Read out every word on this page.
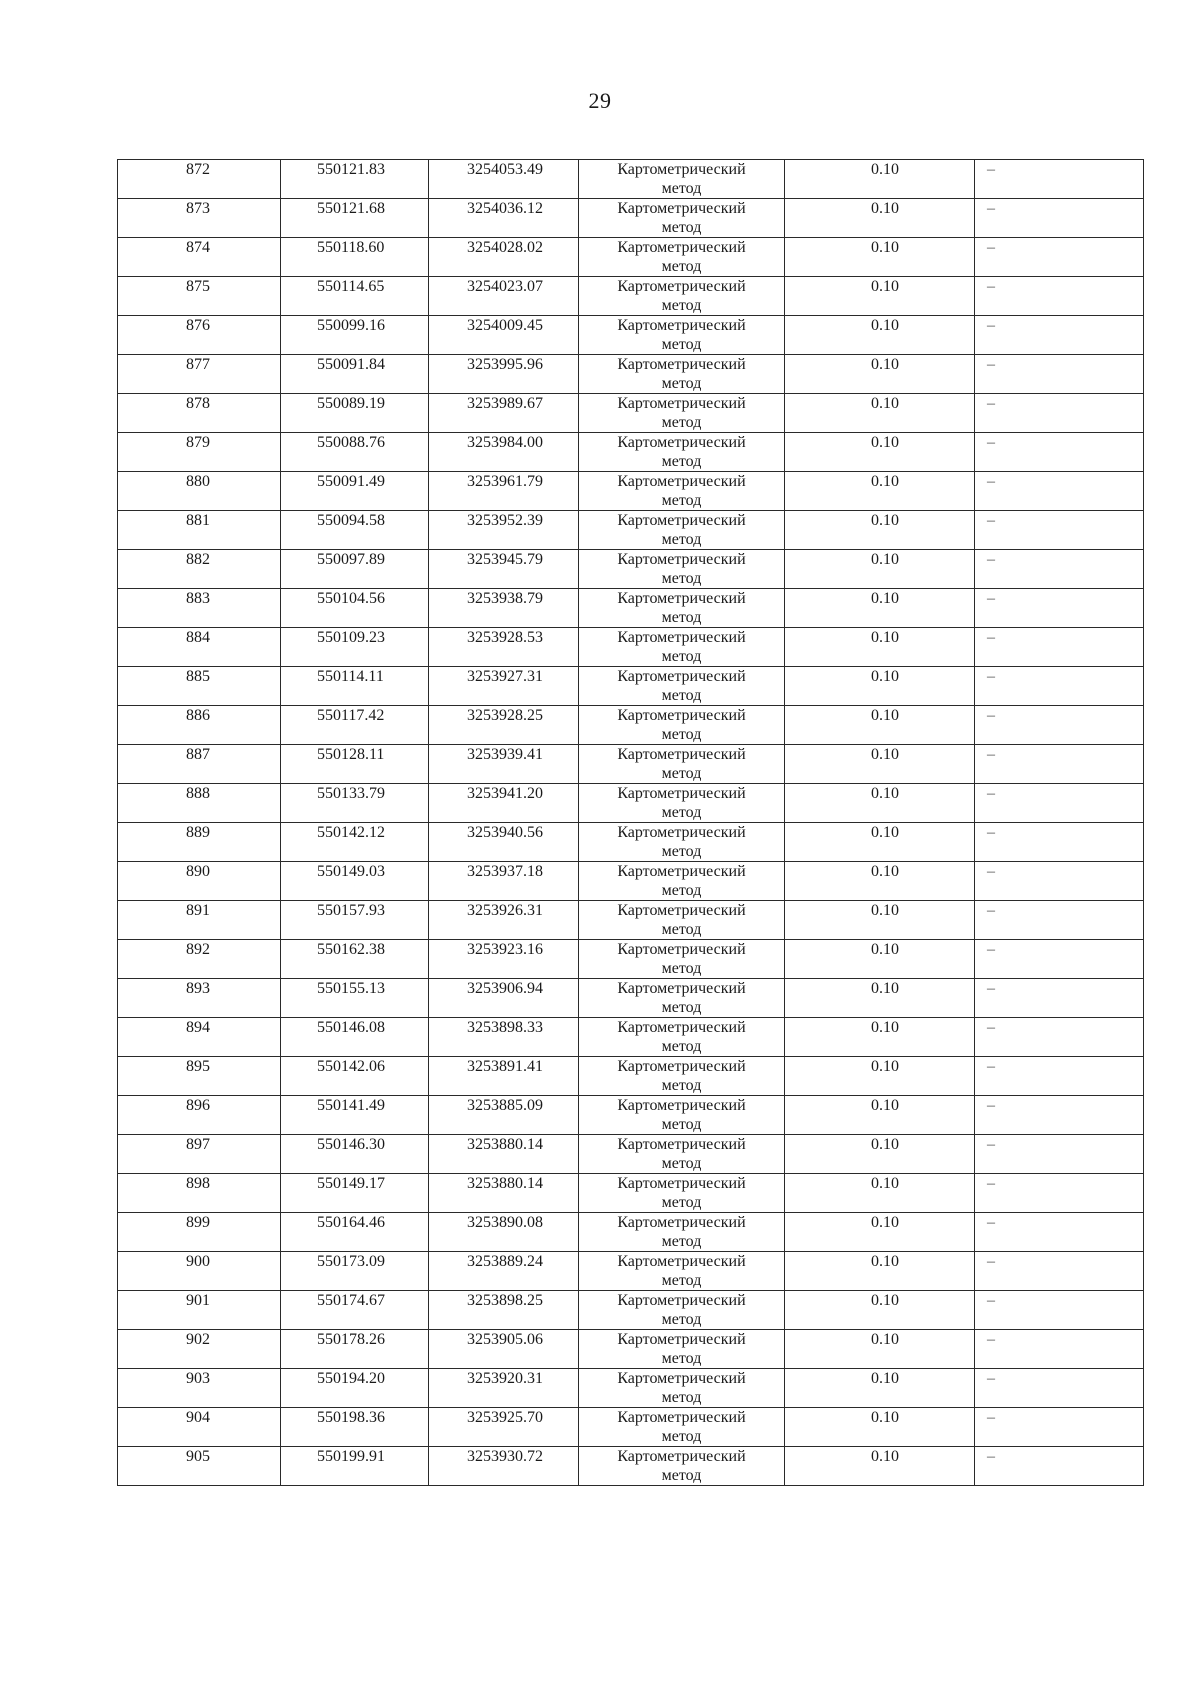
29
872	550121.83	3254053.49	Картометрический
метод	0.10	–
873	550121.68	3254036.12	Картометрический
метод	0.10	–
874	550118.60	3254028.02	Картометрический
метод	0.10	–
875	550114.65	3254023.07	Картометрический
метод	0.10	–
876	550099.16	3254009.45	Картометрический
метод	0.10	–
877	550091.84	3253995.96	Картометрический
метод	0.10	–
878	550089.19	3253989.67	Картометрический
метод	0.10	–
879	550088.76	3253984.00	Картометрический
метод	0.10	–
880	550091.49	3253961.79	Картометрический
метод	0.10	–
881	550094.58	3253952.39	Картометрический
метод	0.10	–
882	550097.89	3253945.79	Картометрический
метод	0.10	–
883	550104.56	3253938.79	Картометрический
метод	0.10	–
884	550109.23	3253928.53	Картометрический
метод	0.10	–
885	550114.11	3253927.31	Картометрический
метод	0.10	–
886	550117.42	3253928.25	Картометрический
метод	0.10	–
887	550128.11	3253939.41	Картометрический
метод	0.10	–
888	550133.79	3253941.20	Картометрический
метод	0.10	–
889	550142.12	3253940.56	Картометрический
метод	0.10	–
890	550149.03	3253937.18	Картометрический
метод	0.10	–
891	550157.93	3253926.31	Картометрический
метод	0.10	–
892	550162.38	3253923.16	Картометрический
метод	0.10	–
893	550155.13	3253906.94	Картометрический
метод	0.10	–
894	550146.08	3253898.33	Картометрический
метод	0.10	–
895	550142.06	3253891.41	Картометрический
метод	0.10	–
896	550141.49	3253885.09	Картометрический
метод	0.10	–
897	550146.30	3253880.14	Картометрический
метод	0.10	–
898	550149.17	3253880.14	Картометрический
метод	0.10	–
899	550164.46	3253890.08	Картометрический
метод	0.10	–
900	550173.09	3253889.24	Картометрический
метод	0.10	–
901	550174.67	3253898.25	Картометрический
метод	0.10	–
902	550178.26	3253905.06	Картометрический
метод	0.10	–
903	550194.20	3253920.31	Картометрический
метод	0.10	–
904	550198.36	3253925.70	Картометрический
метод	0.10	–
905	550199.91	3253930.72	Картометрический
метод	0.10	–
